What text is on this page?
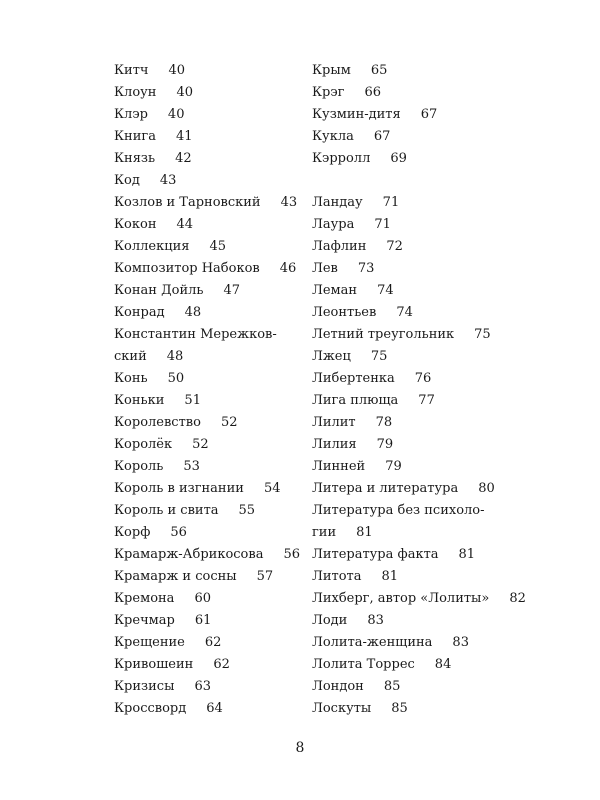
Китч 40
Клоун 40
Клэр 40
Книга 41
Князь 42
Код 43
Козлов и Тарновский 43
Кокон 44
Коллекция 45
Композитор Набоков 46
Конан Дойль 47
Конрад 48
Константин Мережков-
ский 48
Конь 50
Коньки 51
Королевство 52
Королёк 52
Король 53
Король в изгнании 54
Король и свита 55
Корф 56
Крамарж-Абрикосова 56
Крамарж и сосны 57
Кремона 60
Кречмар 61
Крещение 62
Кривошеин 62
Кризисы 63
Кроссворд 64
Крым 65
Крэг 66
Кузмин-дитя 67
Кукла 67
Кэрролл 69
Ландау 71
Лаура 71
Лафлин 72
Лев 73
Леман 74
Леонтьев 74
Летний треугольник 75
Лжец 75
Либертенка 76
Лига плюща 77
Лилит 78
Лилия 79
Линней 79
Литера и литература 80
Литература без психоло-
гии 81
Литература факта 81
Литота 81
Лихберг, автор «Лолиты» 82
Лоди 83
Лолита-женщина 83
Лолита Торрес 84
Лондон 85
Лоскуты 85
8
